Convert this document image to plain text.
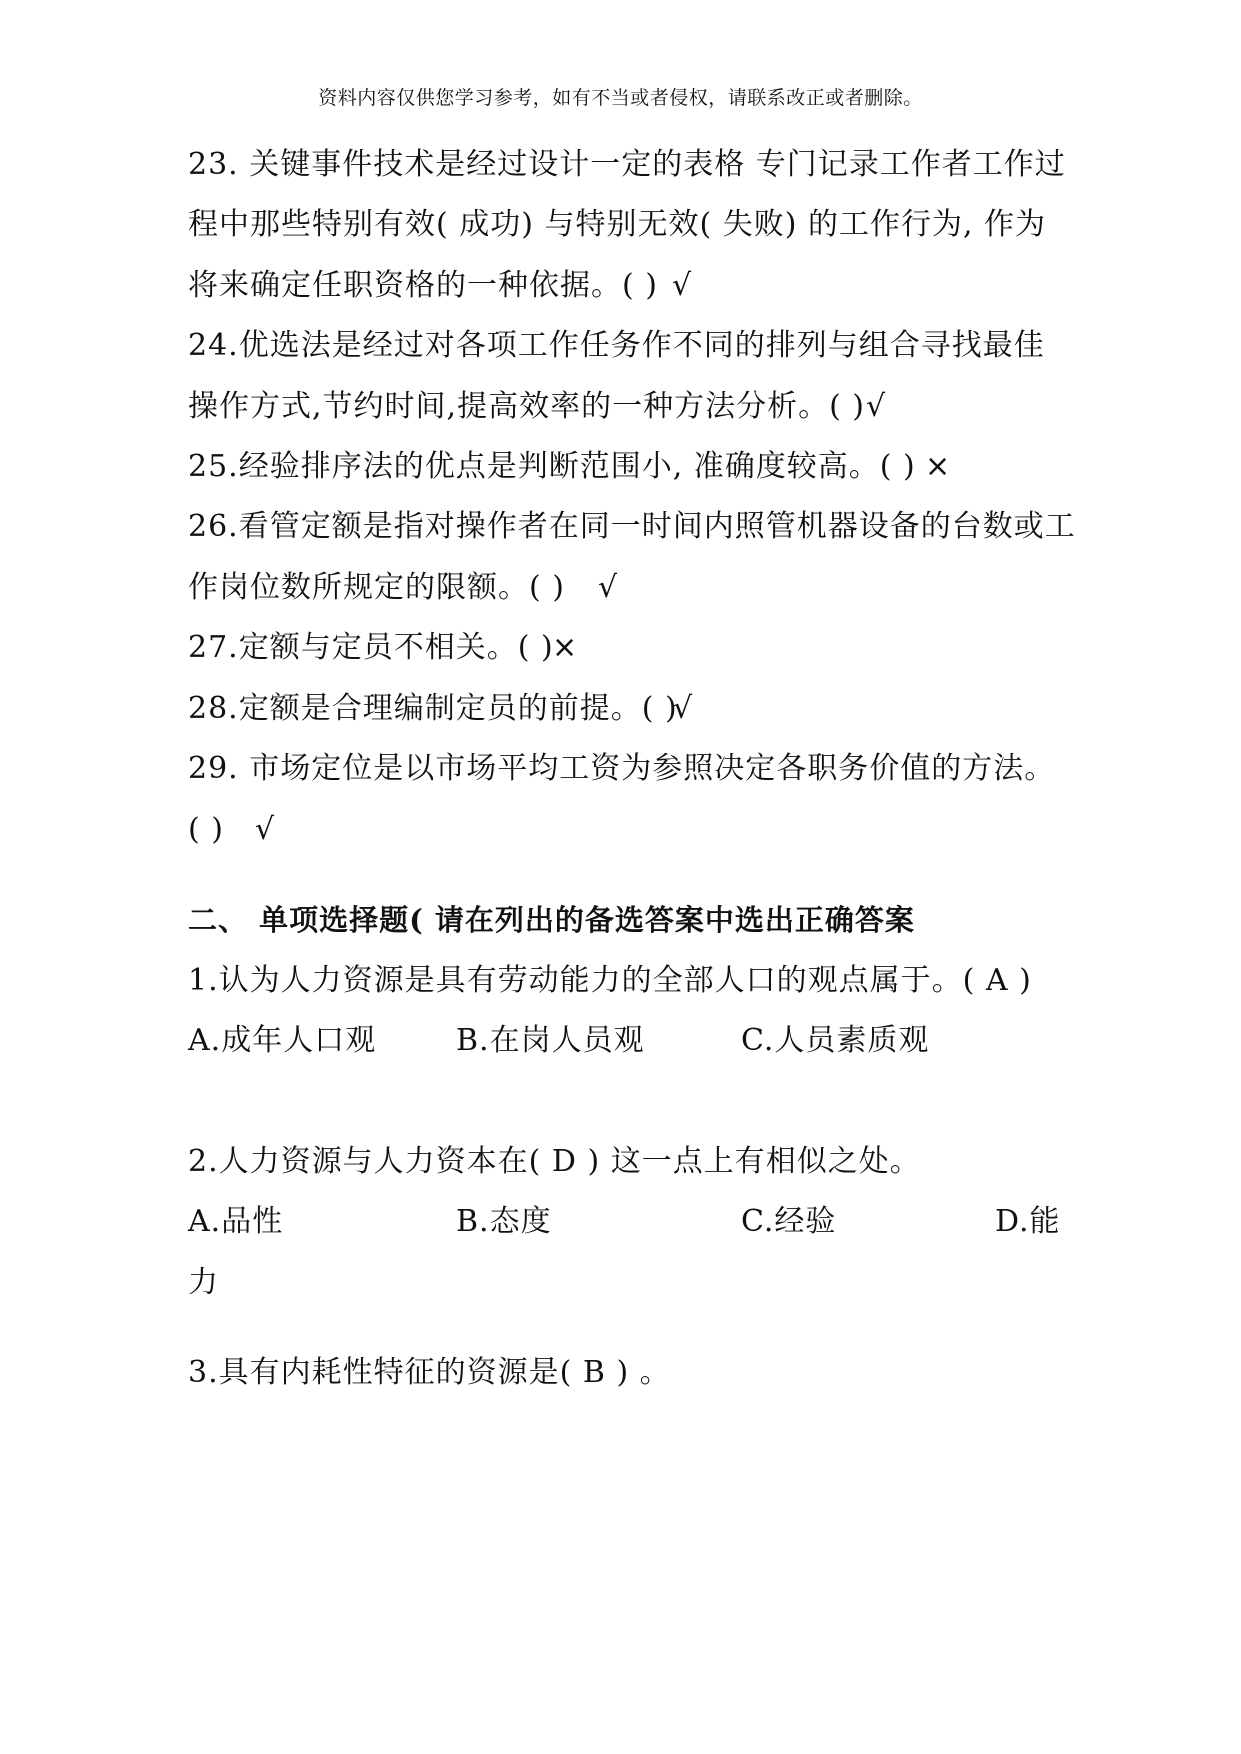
资料内容仅供您学习参考，如有不当或者侵权，请联系改正或者删除。
23. 关键事件技术是经过设计一定的表格 专门记录工作者工作过
程中那些特别有效( 成功) 与特别无效( 失败) 的工作行为, 作为
将来确定任职资格的一种依据。( ) √
24.优选法是经过对各项工作任务作不同的排列与组合寻找最佳
操作方式,节约时间,提高效率的一种方法分析。( ) √
25.经验排序法的优点是判断范围小, 准确度较高。( ) ×
26.看管定额是指对操作者在同一时间内照管机器设备的台数或工
作岗位数所规定的限额。( )	√
27.定额与定员不相关。( )
×
28.定额是合理编制定员的前提。( )
√
29. 市场定位是以市场平均工资为参照决定各职务价值的方法。
( )	√
二、 单项选择题( 请在列出的备选答案中选出正确答案
1.认为人力资源是具有劳动能力的全部人口的观点属于。( A )
A.成年人口观	B.在岗人员观	C.人员素质观
2.人力资源与人力资本在( D ) 这一点上有相似之处。
A.品性	B.态度	C.经验	D.能
力
3.具有内耗性特征的资源是( B ) 。
